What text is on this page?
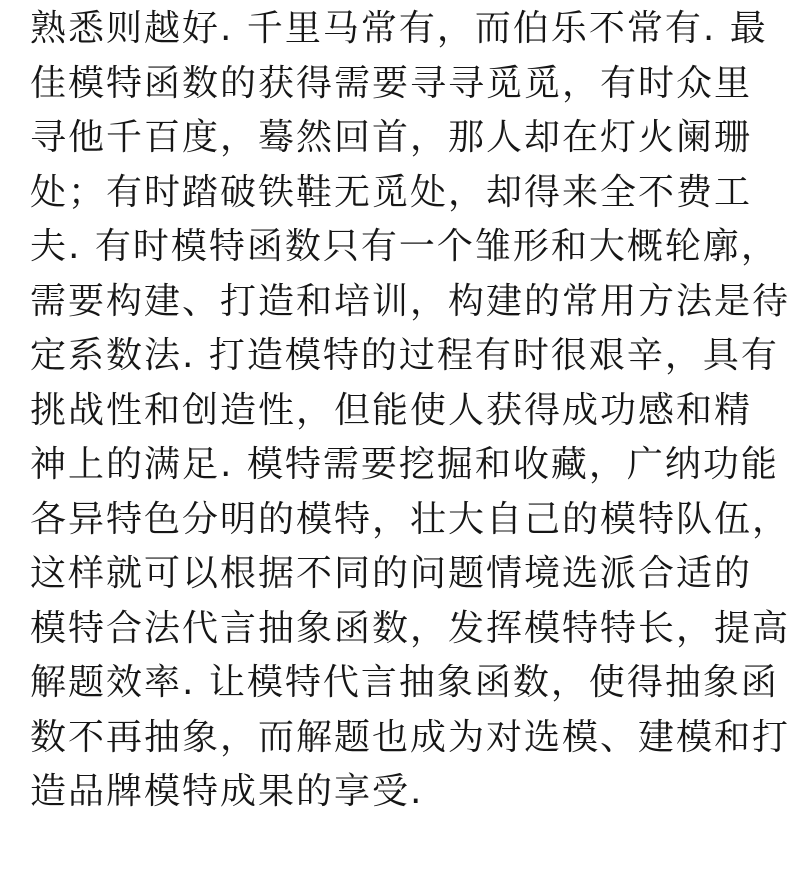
熟悉则越好. 千里马常有，而伯乐不常有. 最
佳模特函数的获得需要寻寻觅觅，有时众里
寻他千百度，蓦然回首，那人却在灯火阑珊
处；有时踏破铁鞋无觅处，却得来全不费工
夫. 有时模特函数只有一个雏形和大概轮廓，
需要构建、打造和培训，构建的常用方法是待
定系数法. 打造模特的过程有时很艰辛，具有
挑战性和创造性，但能使人获得成功感和精
神上的满足. 模特需要挖掘和收藏，广纳功能
各异特色分明的模特，壮大自己的模特队伍，
这样就可以根据不同的问题情境选派合适的
模特合法代言抽象函数，发挥模特特长，提高
解题效率. 让模特代言抽象函数，使得抽象函
数不再抽象，而解题也成为对选模、建模和打
造品牌模特成果的享受.
